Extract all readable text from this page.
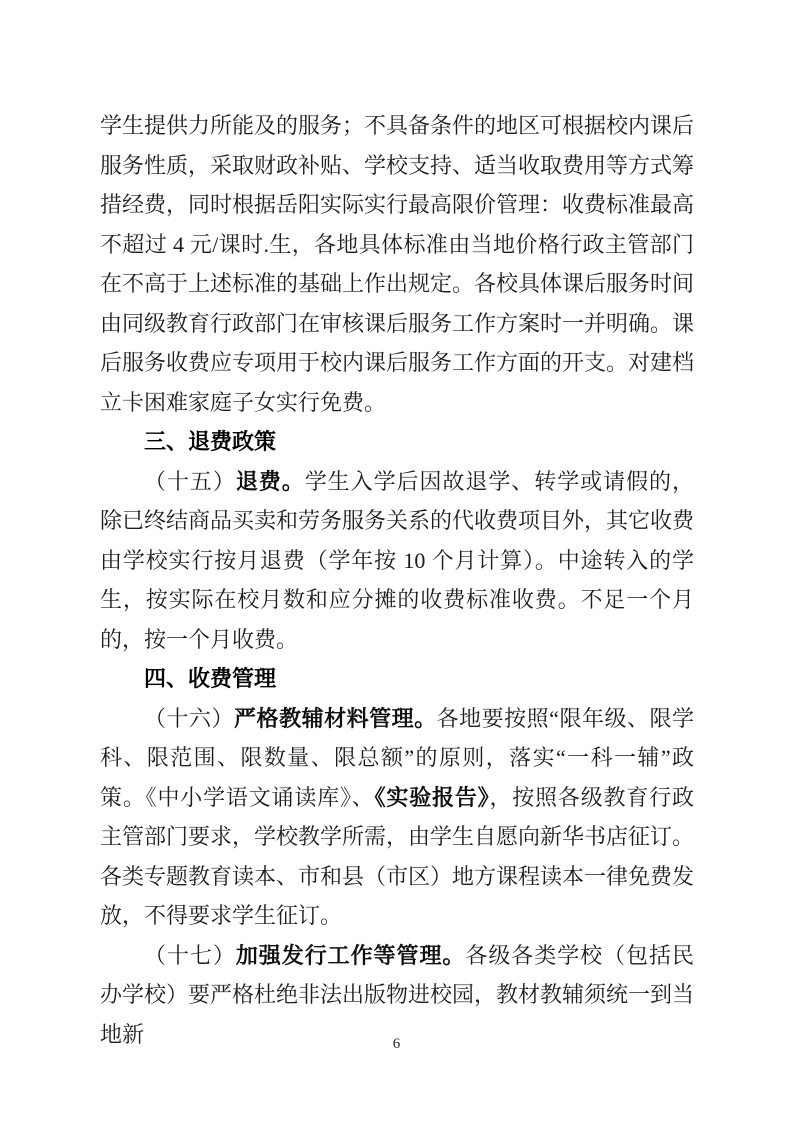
学生提供力所能及的服务；不具备条件的地区可根据校内课后服务性质，采取财政补贴、学校支持、适当收取费用等方式筹措经费，同时根据岳阳实际实行最高限价管理：收费标准最高不超过 4 元/课时.生，各地具体标准由当地价格行政主管部门在不高于上述标准的基础上作出规定。各校具体课后服务时间由同级教育行政部门在审核课后服务工作方案时一并明确。课后服务收费应专项用于校内课后服务工作方面的开支。对建档立卡困难家庭子女实行免费。

三、退费政策

（十五）退费。学生入学后因故退学、转学或请假的，除已终结商品买卖和劳务服务关系的代收费项目外，其它收费由学校实行按月退费（学年按 10 个月计算）。中途转入的学生，按实际在校月数和应分摊的收费标准收费。不足一个月的，按一个月收费。

四、收费管理

（十六）严格教辅材料管理。各地要按照“限年级、限学科、限范围、限数量、限总额”的原则，落实“一科一辅”政策。《中小学语文诵读库》、《实验报告》，按照各级教育行政主管部门要求，学校教学所需，由学生自愿向新华书店征订。各类专题教育读本、市和县（市区）地方课程读本一律免费发放，不得要求学生征订。

（十七）加强发行工作等管理。各级各类学校（包括民办学校）要严格杜绝非法出版物进校园，教材教辅须统一到当地新	6
